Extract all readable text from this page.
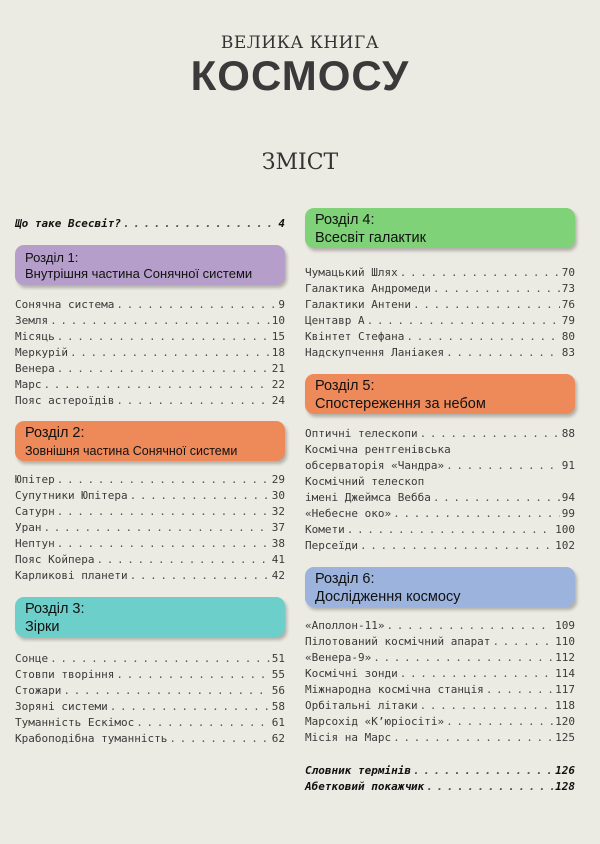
ВЕЛИКА КНИГА
КОСМОСУ
ЗМІСТ
Що таке Всесвіт? . . .	4
Розділ 1:
Внутрішня частина Сонячної системи
Сонячна система . . .	9
Земля . . .	10
Місяць . . .	15
Меркурій . . .	18
Венера . . .	21
Марс . . .	22
Пояс астероїдів . . .	24
Розділ 2:
Зовнішня частина Сонячної системи
Юпітер . . .	29
Супутники Юпітера . . .	30
Сатурн . . .	32
Уран . . .	37
Нептун . . .	38
Пояс Койпера . . .	41
Карликові планети . . .	42
Розділ 3:
Зірки
Сонце . . .	51
Стовпи творіння . . .	55
Стожари . . .	56
Зоряні системи . . .	58
Туманність Ескімос . . .	61
Крабоподібна туманність . . .	62
Розділ 4:
Всесвіт галактик
Чумацький Шлях . . .	70
Галактика Андромеди . . .	73
Галактики Антени . . .	76
Центавр А . . .	79
Квінтет Стефана . . .	80
Надскупчення Ланіакея . . .	83
Розділ 5:
Спостереження за небом
Оптичні телескопи . . .	88
Космічна рентгенівська
обсерваторія «Чандра» . . .	91
Космічний телескоп
імені Джеймса Вебба . . .	94
«Небесне око» . . .	99
Комети . . .	100
Персеїди . . .	102
Розділ 6:
Дослідження космосу
«Аполлон-11» . . .	109
Пілотований космічний апарат . . .	110
«Венера-9» . . .	112
Космічні зонди . . .	114
Міжнародна космічна станція . . .	117
Орбітальні літаки . . .	118
Марсохід «К’юріосіті» . . .	120
Місія на Марс . . .	125
Словник термінів . . .	126
Абетковий покажчик . . .	128
